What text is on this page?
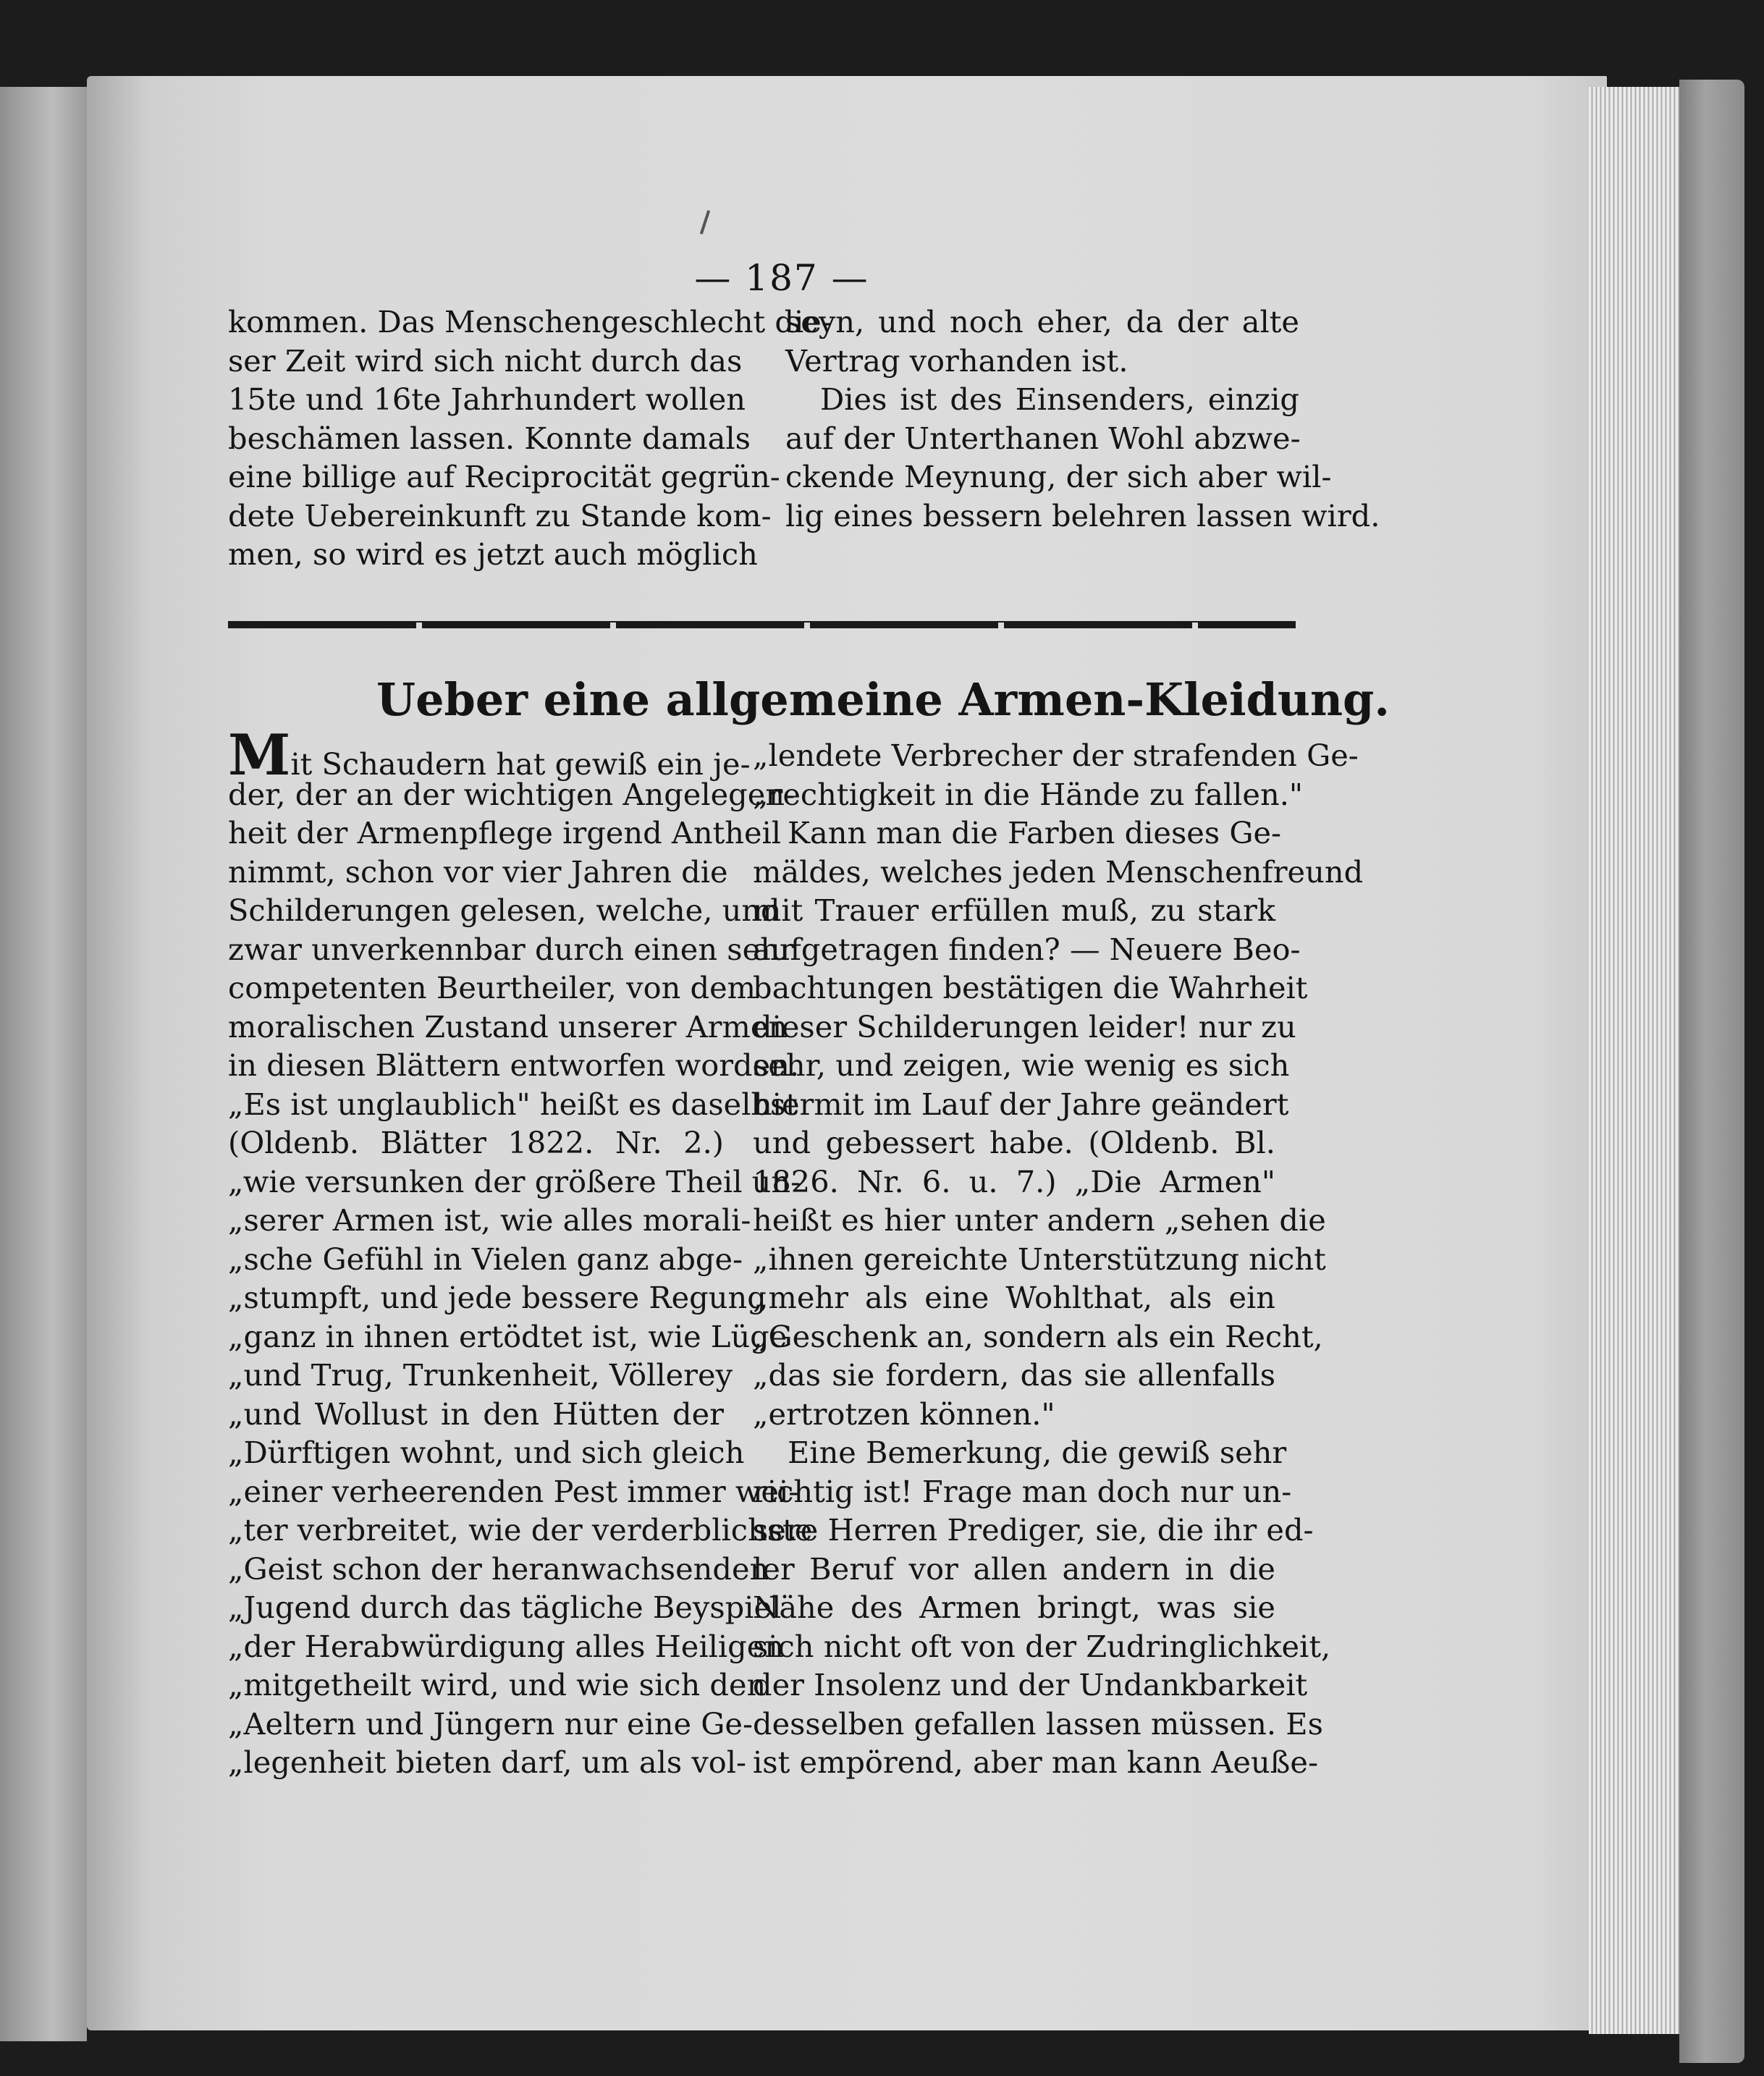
— 187 —
kommen. Das Menschengeschlecht die-
ser Zeit wird sich nicht durch das
15te und 16te Jahrhundert wollen
beschämen lassen. Konnte damals
eine billige auf Reciprocität gegrün-
dete Uebereinkunft zu Stande kom-
men, so wird es jetzt auch möglich
seyn, und noch eher, da der alte
Vertrag vorhanden ist.
Dies ist des Einsenders, einzig
auf der Unterthanen Wohl abzwe-
ckende Meynung, der sich aber wil-
lig eines bessern belehren lassen wird.
Ueber eine allgemeine Armen-Kleidung.
Mit Schaudern hat gewiß ein je-
der, der an der wichtigen Angelegen-
heit der Armenpflege irgend Antheil
nimmt, schon vor vier Jahren die
Schilderungen gelesen, welche, und
zwar unverkennbar durch einen sehr
competenten Beurtheiler, von dem
moralischen Zustand unserer Armen
in diesen Blättern entworfen worden.
„Es ist unglaublich" heißt es daselbst
(Oldenb. Blätter 1822. Nr. 2.)
„wie versunken der größere Theil un-
„serer Armen ist, wie alles morali-
„sche Gefühl in Vielen ganz abge-
„stumpft, und jede bessere Regung
„ganz in ihnen ertödtet ist, wie Lüge
„und Trug, Trunkenheit, Völlerey
„und Wollust in den Hütten der
„Dürftigen wohnt, und sich gleich
„einer verheerenden Pest immer wei-
„ter verbreitet, wie der verderblichste
„Geist schon der heranwachsenden
„Jugend durch das tägliche Beyspiel
„der Herabwürdigung alles Heiligen
„mitgetheilt wird, und wie sich den
„Aeltern und Jüngern nur eine Ge-
„legenheit bieten darf, um als vol-
„lendete Verbrecher der strafenden Ge-
„rechtigkeit in die Hände zu fallen."
Kann man die Farben dieses Ge-
mäldes, welches jeden Menschenfreund
mit Trauer erfüllen muß, zu stark
aufgetragen finden? — Neuere Beo-
bachtungen bestätigen die Wahrheit
dieser Schilderungen leider! nur zu
sehr, und zeigen, wie wenig es sich
hiermit im Lauf der Jahre geändert
und gebessert habe. (Oldenb. Bl.
1826. Nr. 6. u. 7.) „Die Armen"
heißt es hier unter andern „sehen die
„ihnen gereichte Unterstützung nicht
„mehr als eine Wohlthat, als ein
„Geschenk an, sondern als ein Recht,
„das sie fordern, das sie allenfalls
„ertrotzen können."
Eine Bemerkung, die gewiß sehr
richtig ist! Frage man doch nur un-
sere Herren Prediger, sie, die ihr ed-
ler Beruf vor allen andern in die
Nähe des Armen bringt, was sie
sich nicht oft von der Zudringlichkeit,
der Insolenz und der Undankbarkeit
desselben gefallen lassen müssen. Es
ist empörend, aber man kann Aeuße-
